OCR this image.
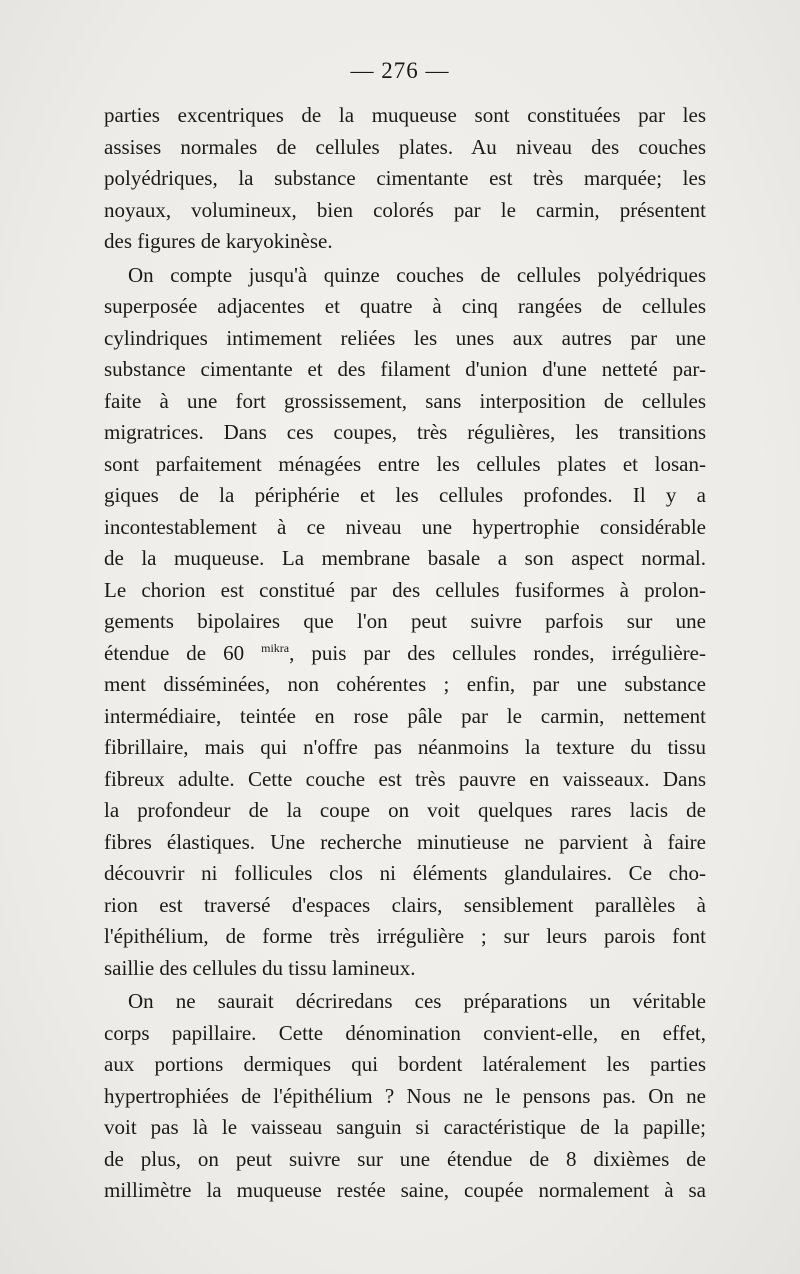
— 276 —

parties excentriques de la muqueuse sont constituées par les
assises normales de cellules plates. Au niveau des couches
polyédriques, la substance cimentante est très marquée; les
noyaux, volumineux, bien colorés par le carmin, présentent
des figures de karyokinèse.

On compte jusqu'à quinze couches de cellules polyédriques
superposée adjacentes et quatre à cinq rangées de cellules
cylindriques intimement reliées les unes aux autres par une
substance cimentante et des filament d'union d'une netteté par-
faite à une fort grossissement, sans interposition de cellules
migratrices. Dans ces coupes, très régulières, les transitions
sont parfaitement ménagées entre les cellules plates et losan-
giques de la périphérie et les cellules profondes. Il y a
incontestablement à ce niveau une hypertrophie considérable
de la muqueuse. La membrane basale a son aspect normal.
Le chorion est constitué par des cellules fusiformes à prolon-
gements bipolaires que l'on peut suivre parfois sur une
étendue de 60 $^{mikra}$, puis par des cellules rondes, irrégulière-
ment disséminées, non cohérentes ; enfin, par une substance
intermédiaire, teintée en rose pâle par le carmin, nettement
fibrillaire, mais qui n'offre pas néanmoins la texture du tissu
fibreux adulte. Cette couche est très pauvre en vaisseaux. Dans
la profondeur de la coupe on voit quelques rares lacis de
fibres élastiques. Une recherche minutieuse ne parvient à faire
découvrir ni follicules clos ni éléments glandulaires. Ce cho-
rion est traversé d'espaces clairs, sensiblement parallèles à
l'épithélium, de forme très irrégulière ; sur leurs parois font
saillie des cellules du tissu lamineux.

On ne saurait décriredans ces préparations un véritable
corps papillaire. Cette dénomination convient-elle, en effet,
aux portions dermiques qui bordent latéralement les parties
hypertrophiées de l'épithélium ? Nous ne le pensons pas. On ne
voit pas là le vaisseau sanguin si caractéristique de la papille;
de plus, on peut suivre sur une étendue de 8 dixièmes de
millimètre la muqueuse restée saine, coupée normalement à sa
